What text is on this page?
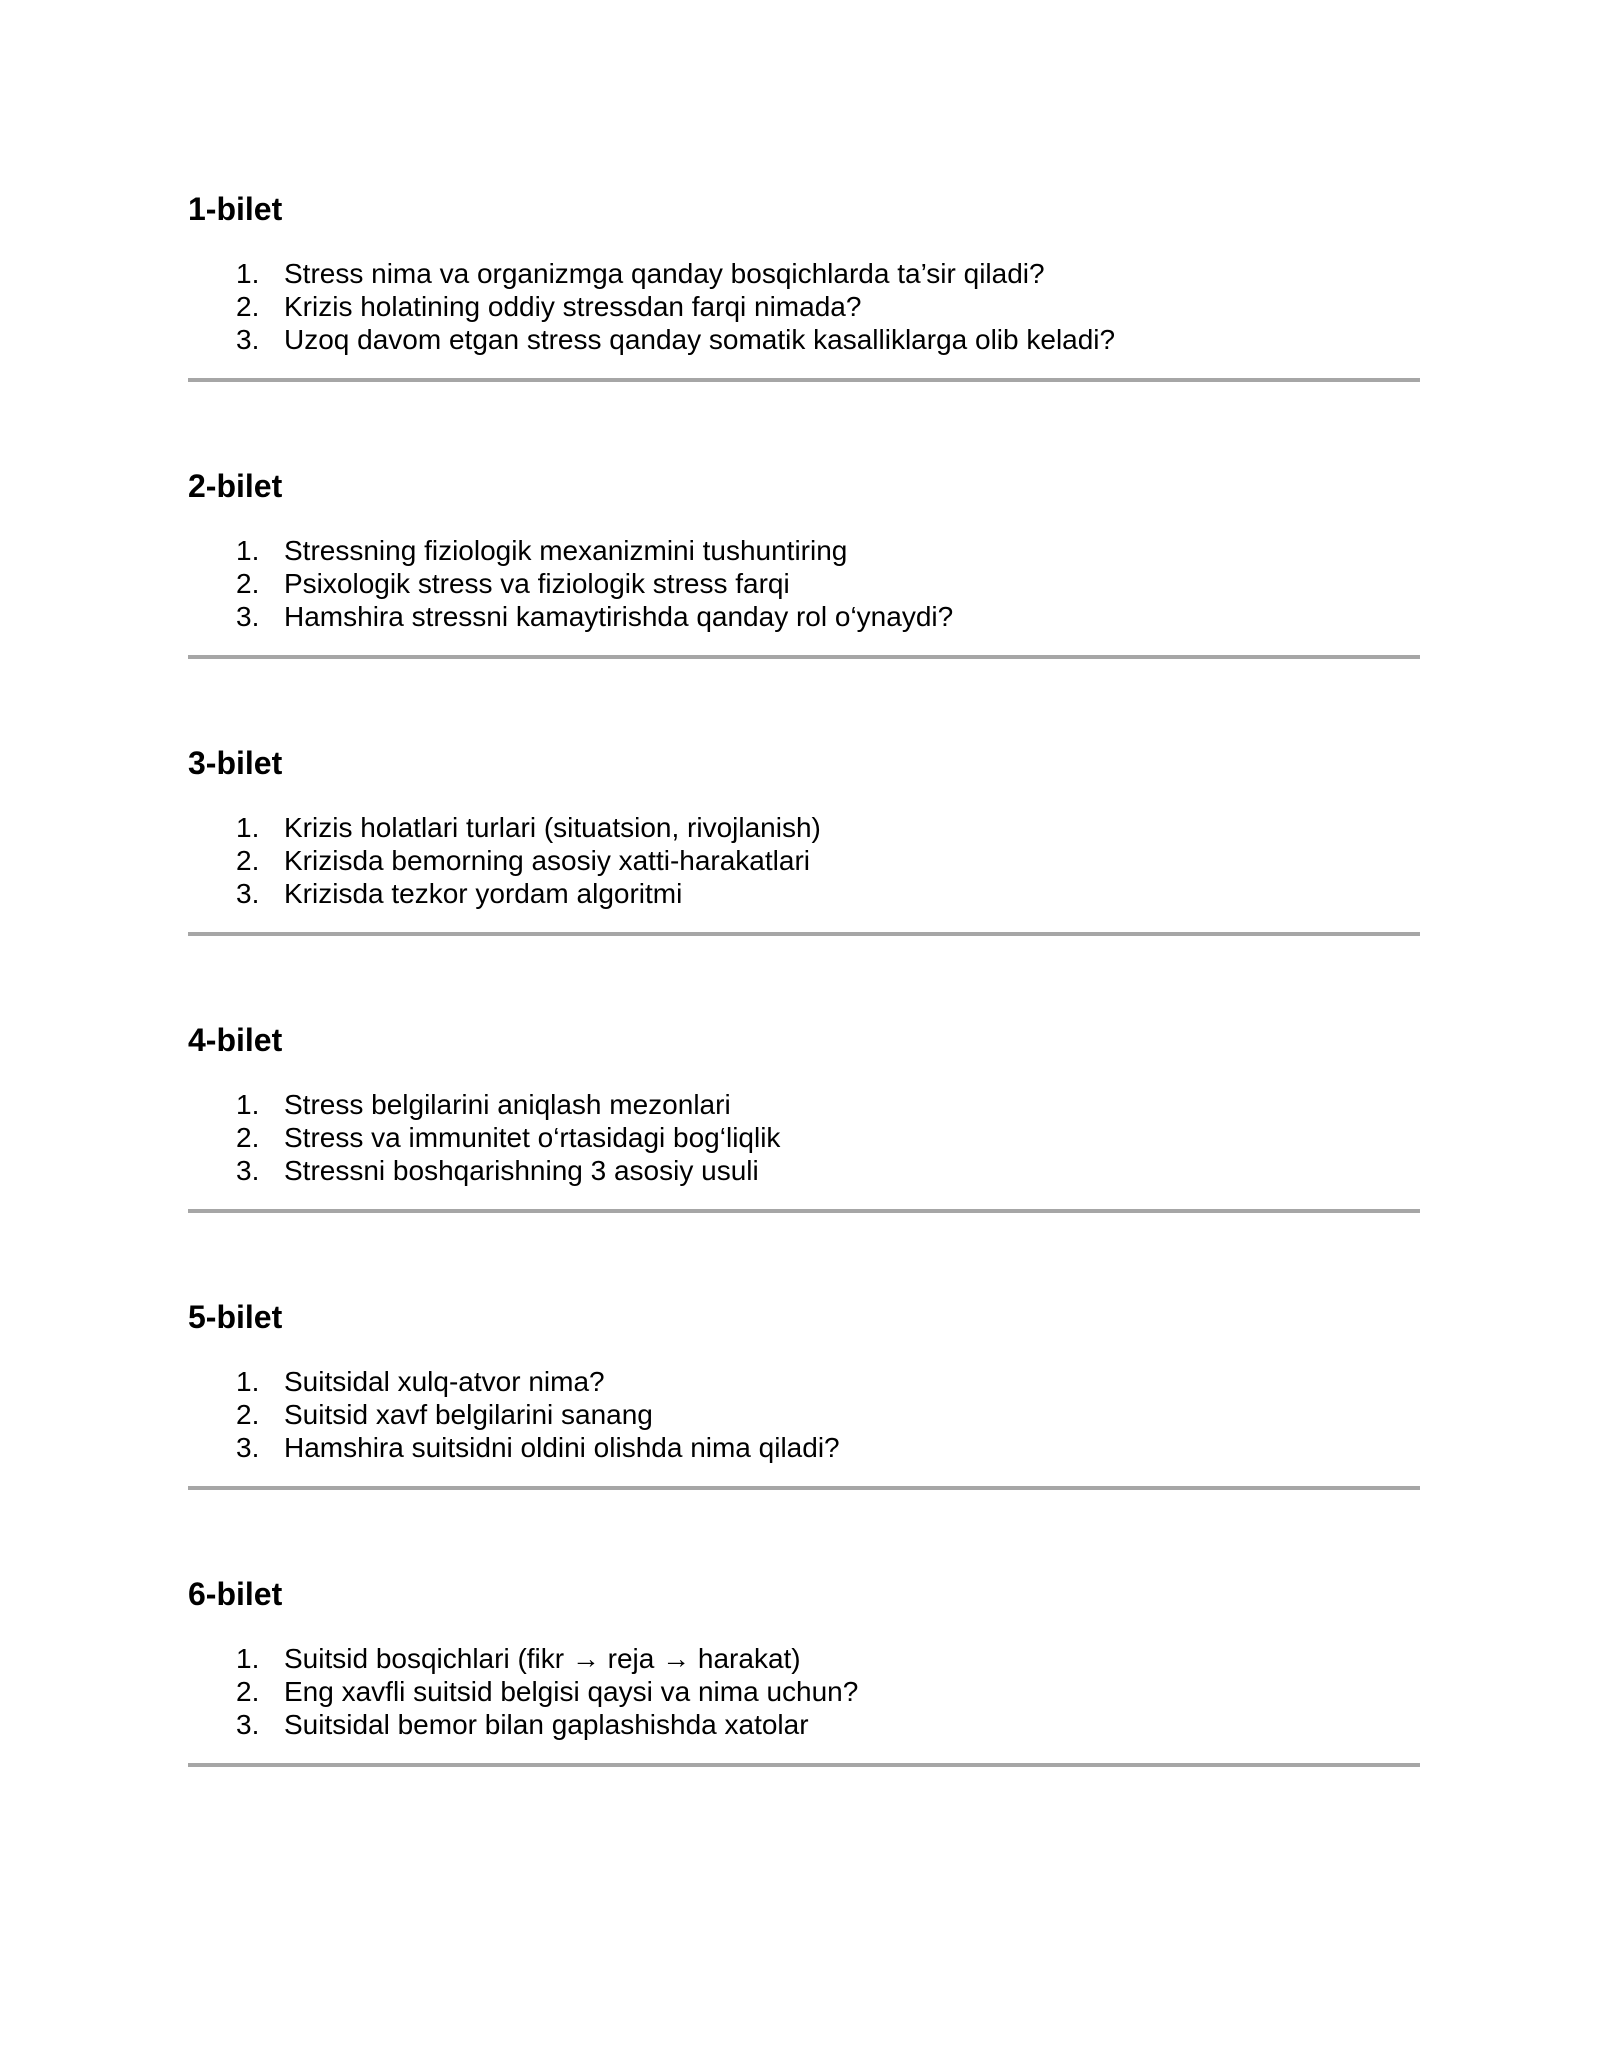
1-bilet
1. Stress nima va organizmga qanday bosqichlarda ta’sir qiladi?
2. Krizis holatining oddiy stressdan farqi nimada?
3. Uzoq davom etgan stress qanday somatik kasalliklarga olib keladi?
2-bilet
1. Stressning fiziologik mexanizmini tushuntiring
2. Psixologik stress va fiziologik stress farqi
3. Hamshira stressni kamaytirishda qanday rol o‘ynaydi?
3-bilet
1. Krizis holatlari turlari (situatsion, rivojlanish)
2. Krizisda bemorning asosiy xatti-harakatlari
3. Krizisda tezkor yordam algoritmi
4-bilet
1. Stress belgilarini aniqlash mezonlari
2. Stress va immunitet o‘rtasidagi bog‘liqlik
3. Stressni boshqarishning 3 asosiy usuli
5-bilet
1. Suitsidal xulq-atvor nima?
2. Suitsid xavf belgilarini sanang
3. Hamshira suitsidni oldini olishda nima qiladi?
6-bilet
1. Suitsid bosqichlari (fikr → reja → harakat)
2. Eng xavfli suitsid belgisi qaysi va nima uchun?
3. Suitsidal bemor bilan gaplashishda xatolar
